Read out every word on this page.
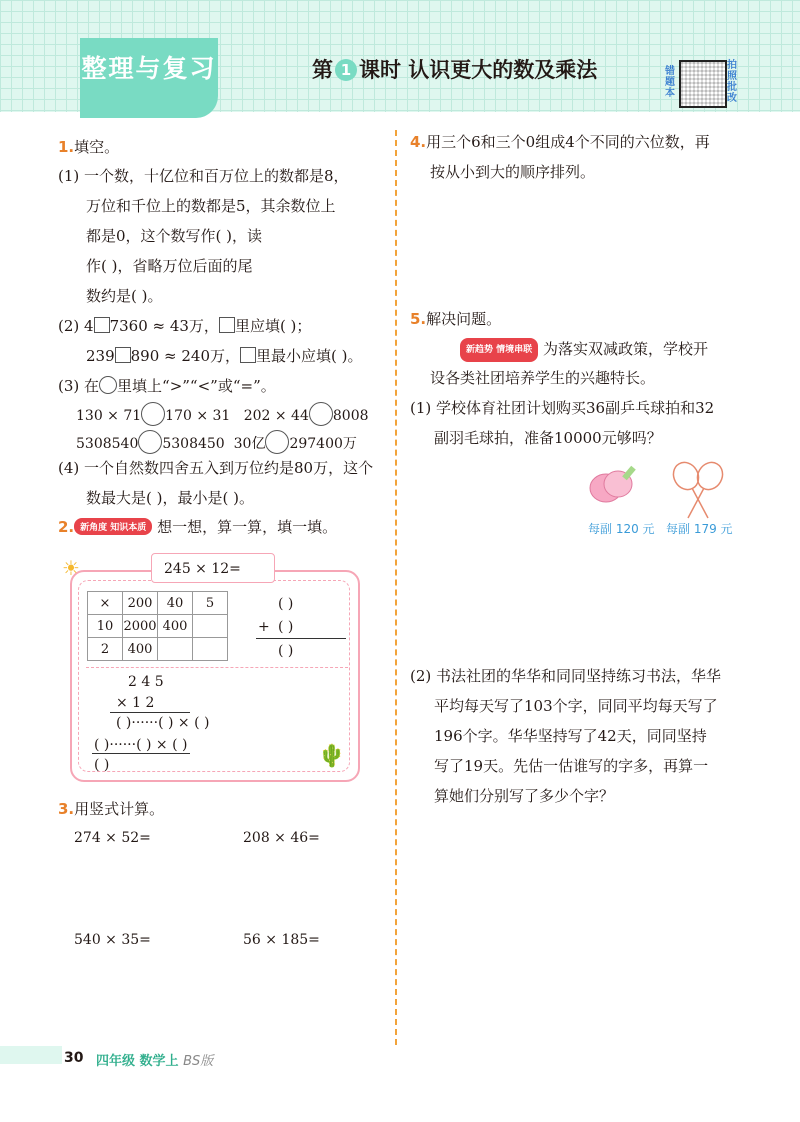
整理与复习	第 1 课时 认识更大的数及乘法	错题本
拍照批改
1.填空。
(1) 一个数，十亿位和百万位上的数都是8，
万位和千位上的数都是5，其余数位上
都是0，这个数写作( )，读
作( )，省略万位后面的尾
数约是( )。
(2) 4 7360 ≈ 43万， 里应填( )；
239 890 ≈ 240万， 里最小应填( )。
(3) 在 里填上“>”“<”或“=”。
130 × 71 170 × 31 202 × 44 8008
5308540 5308450 30亿 297400万
(4) 一个自然数四舍五入到万位约是80万，这个
数最大是( )，最小是( )。
2. 新角度 知识本质 想一想，算一算，填一填。
245 × 12=
☀
🌵
×	200	40	5
10	2000	400	
2	400		
( )
+ ( )
( )
2 4 5
× 1 2
( )······( ) × ( )
( )······( ) × ( )
( )
3.用竖式计算。
274 × 52=	208 × 46=
540 × 35=	56 × 185=
4.用三个6和三个0组成4个不同的六位数，再
按从小到大的顺序排列。
5.解决问题。
新趋势 情境串联 为落实双减政策，学校开
设各类社团培养学生的兴趣特长。
(1) 学校体育社团计划购买36副乒乓球拍和32
副羽毛球拍，准备10000元够吗？
每副 120 元 每副 179 元
(2) 书法社团的华华和同同坚持练习书法，华华
平均每天写了103个字，同同平均每天写了
196个字。华华坚持写了42天，同同坚持
写了19天。先估一估谁写的字多，再算一
算她们分别写了多少个字？
30 四年级 数学上 BS版
